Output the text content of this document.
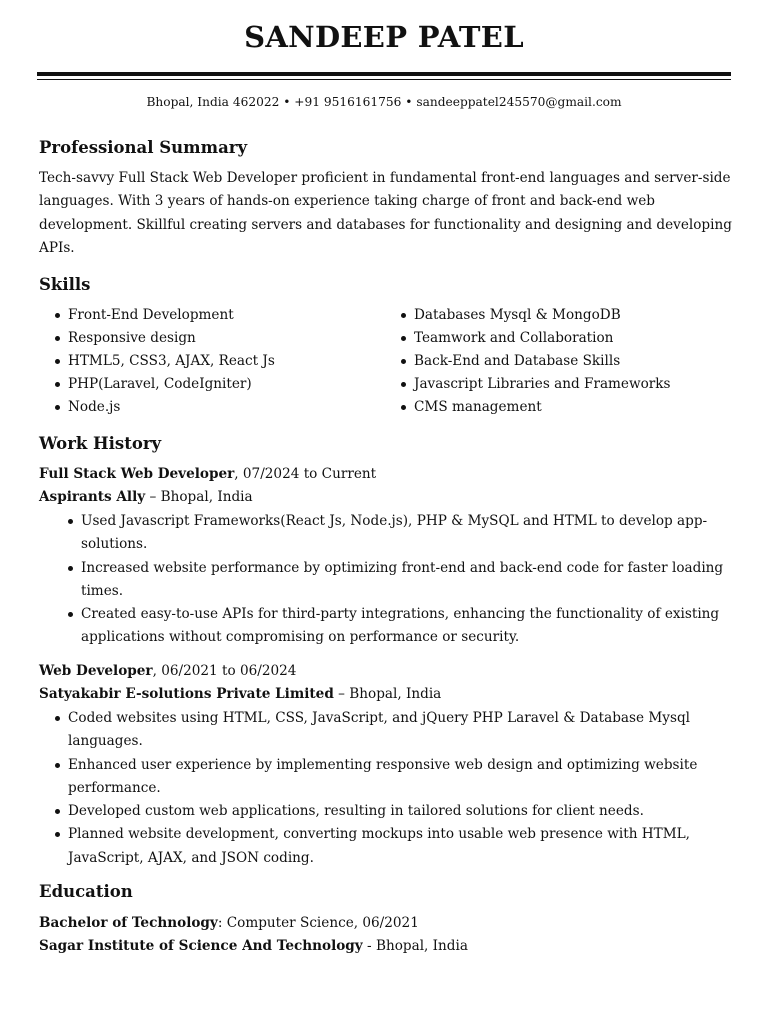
SANDEEP PATEL
Bhopal, India 462022 • +91 9516161756 • sandeeppatel245570@gmail.com
Professional Summary
Tech-savvy Full Stack Web Developer proficient in fundamental front-end languages and server-side languages. With 3 years of hands-on experience taking charge of front and back-end web development. Skillful creating servers and databases for functionality and designing and developing APIs.
Skills
Front-End Development
Responsive design
HTML5, CSS3, AJAX, React Js
PHP(Laravel, CodeIgniter)
Node.js
Databases Mysql & MongoDB
Teamwork and Collaboration
Back-End and Database Skills
Javascript Libraries and Frameworks
CMS management
Work History
Full Stack Web Developer, 07/2024 to Current
Aspirants Ally – Bhopal, India
Used Javascript Frameworks(React Js, Node.js), PHP & MySQL and HTML to develop app-solutions.
Increased website performance by optimizing front-end and back-end code for faster loading times.
Created easy-to-use APIs for third-party integrations, enhancing the functionality of existing applications without compromising on performance or security.
Web Developer, 06/2021 to 06/2024
Satyakabir E-solutions Private Limited – Bhopal, India
Coded websites using HTML, CSS, JavaScript, and jQuery PHP Laravel & Database Mysql languages.
Enhanced user experience by implementing responsive web design and optimizing website performance.
Developed custom web applications, resulting in tailored solutions for client needs.
Planned website development, converting mockups into usable web presence with HTML, JavaScript, AJAX, and JSON coding.
Education
Bachelor of Technology: Computer Science, 06/2021
Sagar Institute of Science And Technology - Bhopal, India
